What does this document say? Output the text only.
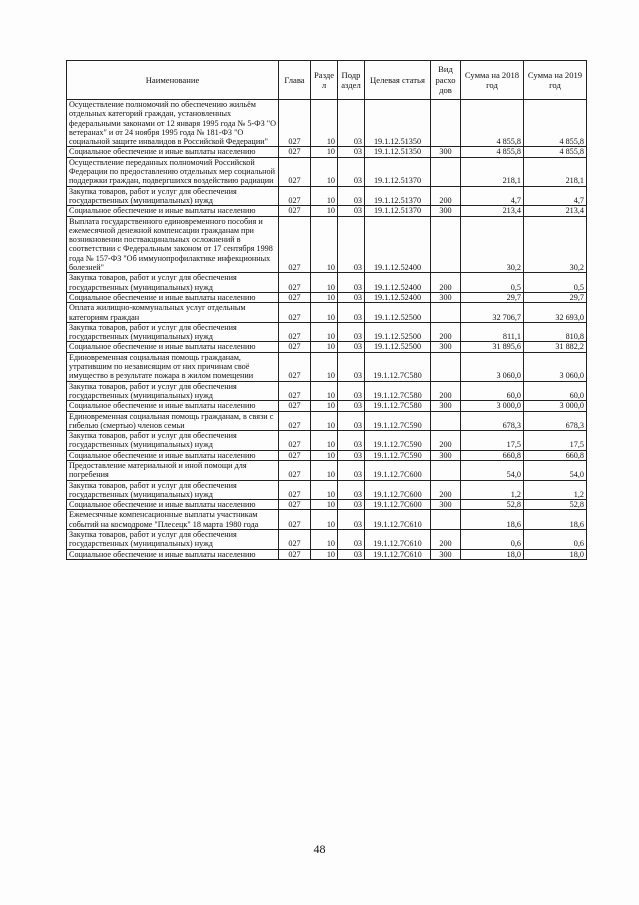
Наименование	Глава	Разде л	Подр аздел	Целевая статья	Вид расхо дов	Сумма на 2018 год	Сумма на 2019 год
Осуществление полномочий по обеспечению жильём отдельных категорий граждан, установленных федеральными законами от 12 января 1995 года № 5-ФЗ "О ветеранах" и от 24 ноября 1995 года № 181-ФЗ "О социальной защите инвалидов в Российской Федерации"	027	10	03	19.1.12.51350		4 855,8	4 855,8
Социальное обеспечение и иные выплаты населению	027	10	03	19.1.12.51350	300	4 855,8	4 855,8
Осуществление переданных полномочий Российской Федерации по предоставлению отдельных мер социальной поддержки граждан, подвергшихся воздействию радиации	027	10	03	19.1.12.51370		218,1	218,1
Закупка товаров, работ и услуг для обеспечения государственных (муниципальных) нужд	027	10	03	19.1.12.51370	200	4,7	4,7
Социальное обеспечение и иные выплаты населению	027	10	03	19.1.12.51370	300	213,4	213,4
Выплата государственного единовременного пособия и ежемесячной денежной компенсации гражданам при возникновении поствакцинальных осложнений в соответствии с Федеральным законом от 17 сентября 1998 года № 157-ФЗ "Об иммунопрофилактике инфекционных болезней"	027	10	03	19.1.12.52400		30,2	30,2
Закупка товаров, работ и услуг для обеспечения государственных (муниципальных) нужд	027	10	03	19.1.12.52400	200	0,5	0,5
Социальное обеспечение и иные выплаты населению	027	10	03	19.1.12.52400	300	29,7	29,7
Оплата жилищно-коммунальных услуг отдельным категориям граждан	027	10	03	19.1.12.52500		32 706,7	32 693,0
Закупка товаров, работ и услуг для обеспечения государственных (муниципальных) нужд	027	10	03	19.1.12.52500	200	811,1	810,8
Социальное обеспечение и иные выплаты населению	027	10	03	19.1.12.52500	300	31 895,6	31 882,2
Единовременная социальная помощь гражданам, утратившим по независящим от них причинам своё имущество в результате пожара в жилом помещении	027	10	03	19.1.12.7С580		3 060,0	3 060,0
Закупка товаров, работ и услуг для обеспечения государственных (муниципальных) нужд	027	10	03	19.1.12.7С580	200	60,0	60,0
Социальное обеспечение и иные выплаты населению	027	10	03	19.1.12.7С580	300	3 000,0	3 000,0
Единовременная социальная помощь гражданам, в связи с гибелью (смертью) членов семьи	027	10	03	19.1.12.7С590		678,3	678,3
Закупка товаров, работ и услуг для обеспечения государственных (муниципальных) нужд	027	10	03	19.1.12.7С590	200	17,5	17,5
Социальное обеспечение и иные выплаты населению	027	10	03	19.1.12.7С590	300	660,8	660,8
Предоставление материальной и иной помощи для погребения	027	10	03	19.1.12.7С600		54,0	54,0
Закупка товаров, работ и услуг для обеспечения государственных (муниципальных) нужд	027	10	03	19.1.12.7С600	200	1,2	1,2
Социальное обеспечение и иные выплаты населению	027	10	03	19.1.12.7С600	300	52,8	52,8
Ежемесячные компенсационные выплаты участникам событий на космодроме "Плесецк" 18 марта 1980 года	027	10	03	19.1.12.7С610		18,6	18,6
Закупка товаров, работ и услуг для обеспечения государственных (муниципальных) нужд	027	10	03	19.1.12.7С610	200	0,6	0,6
Социальное обеспечение и иные выплаты населению	027	10	03	19.1.12.7С610	300	18,0	18,0
48
